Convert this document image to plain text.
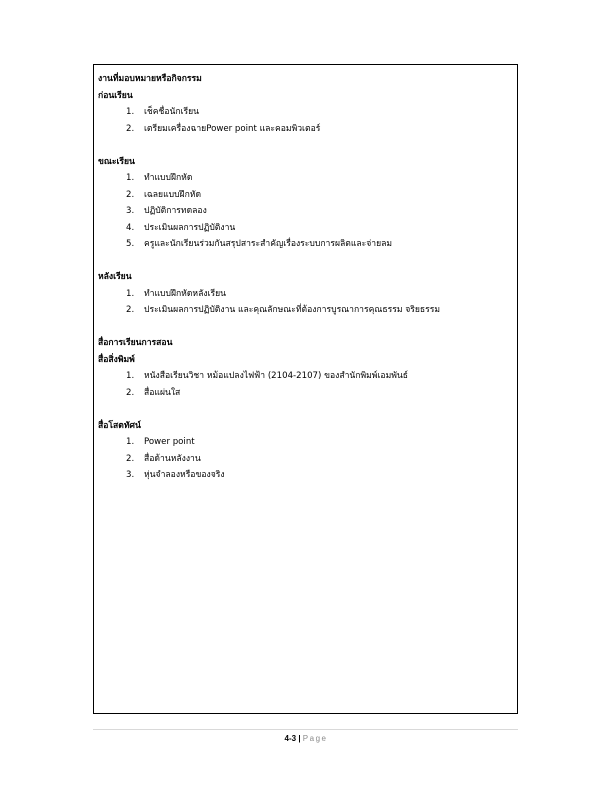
งานที่มอบหมายหรือกิจกรรม
ก่อนเรียน
1.	เช็คชื่อนักเรียน
2.	เตรียมเครื่องฉายPower point และคอมพิวเตอร์
ขณะเรียน
1.	ทำแบบฝึกหัด
2.	เฉลยแบบฝึกหัด
3.	ปฏิบัติการทดลอง
4.	ประเมินผลการปฏิบัติงาน
5.	ครูและนักเรียนร่วมกันสรุปสาระสำคัญเรื่องระบบการผลิตและจ่ายลม
หลังเรียน
1.	ทำแบบฝึกหัดหลังเรียน
2.	ประเมินผลการปฏิบัติงาน และคุณลักษณะที่ต้องการบูรณาการคุณธรรม จริยธรรม
สื่อการเรียนการสอน
สื่อสิ่งพิมพ์
1.	หนังสือเรียนวิชา หม้อแปลงไฟฟ้า (2104-2107) ของสำนักพิมพ์เอมพันธ์
2.	สื่อแผ่นใส
สื่อโสตทัศน์
1.	Power point
2.	สื่อด้านหลังงาน
3.	หุ่นจำลองหรือของจริง
4-3 | Page
